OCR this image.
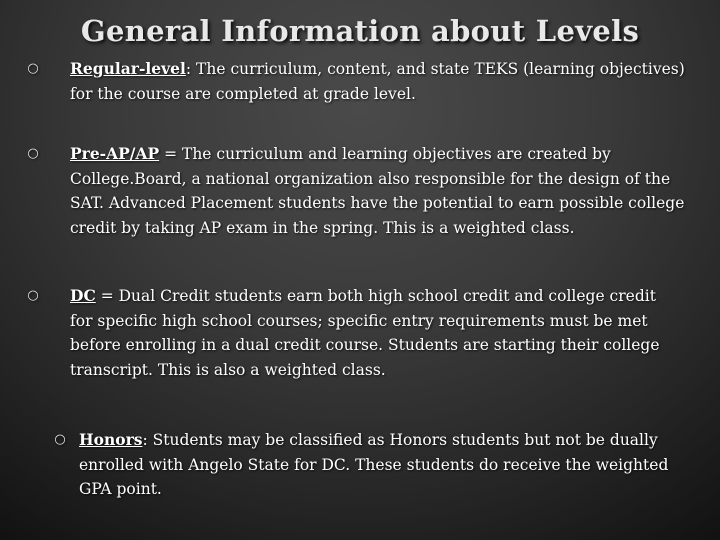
General Information about Levels
○ Regular-level: The curriculum, content, and state TEKS (learning objectives) for the course are completed at grade level.
○ Pre-AP/AP = The curriculum and learning objectives are created by College.Board, a national organization also responsible for the design of the SAT. Advanced Placement students have the potential to earn possible college credit by taking AP exam in the spring. This is a weighted class.
○ DC = Dual Credit students earn both high school credit and college credit for specific high school courses; specific entry requirements must be met before enrolling in a dual credit course. Students are starting their college transcript. This is also a weighted class.
○ Honors: Students may be classified as Honors students but not be dually enrolled with Angelo State for DC. These students do receive the weighted GPA point.
